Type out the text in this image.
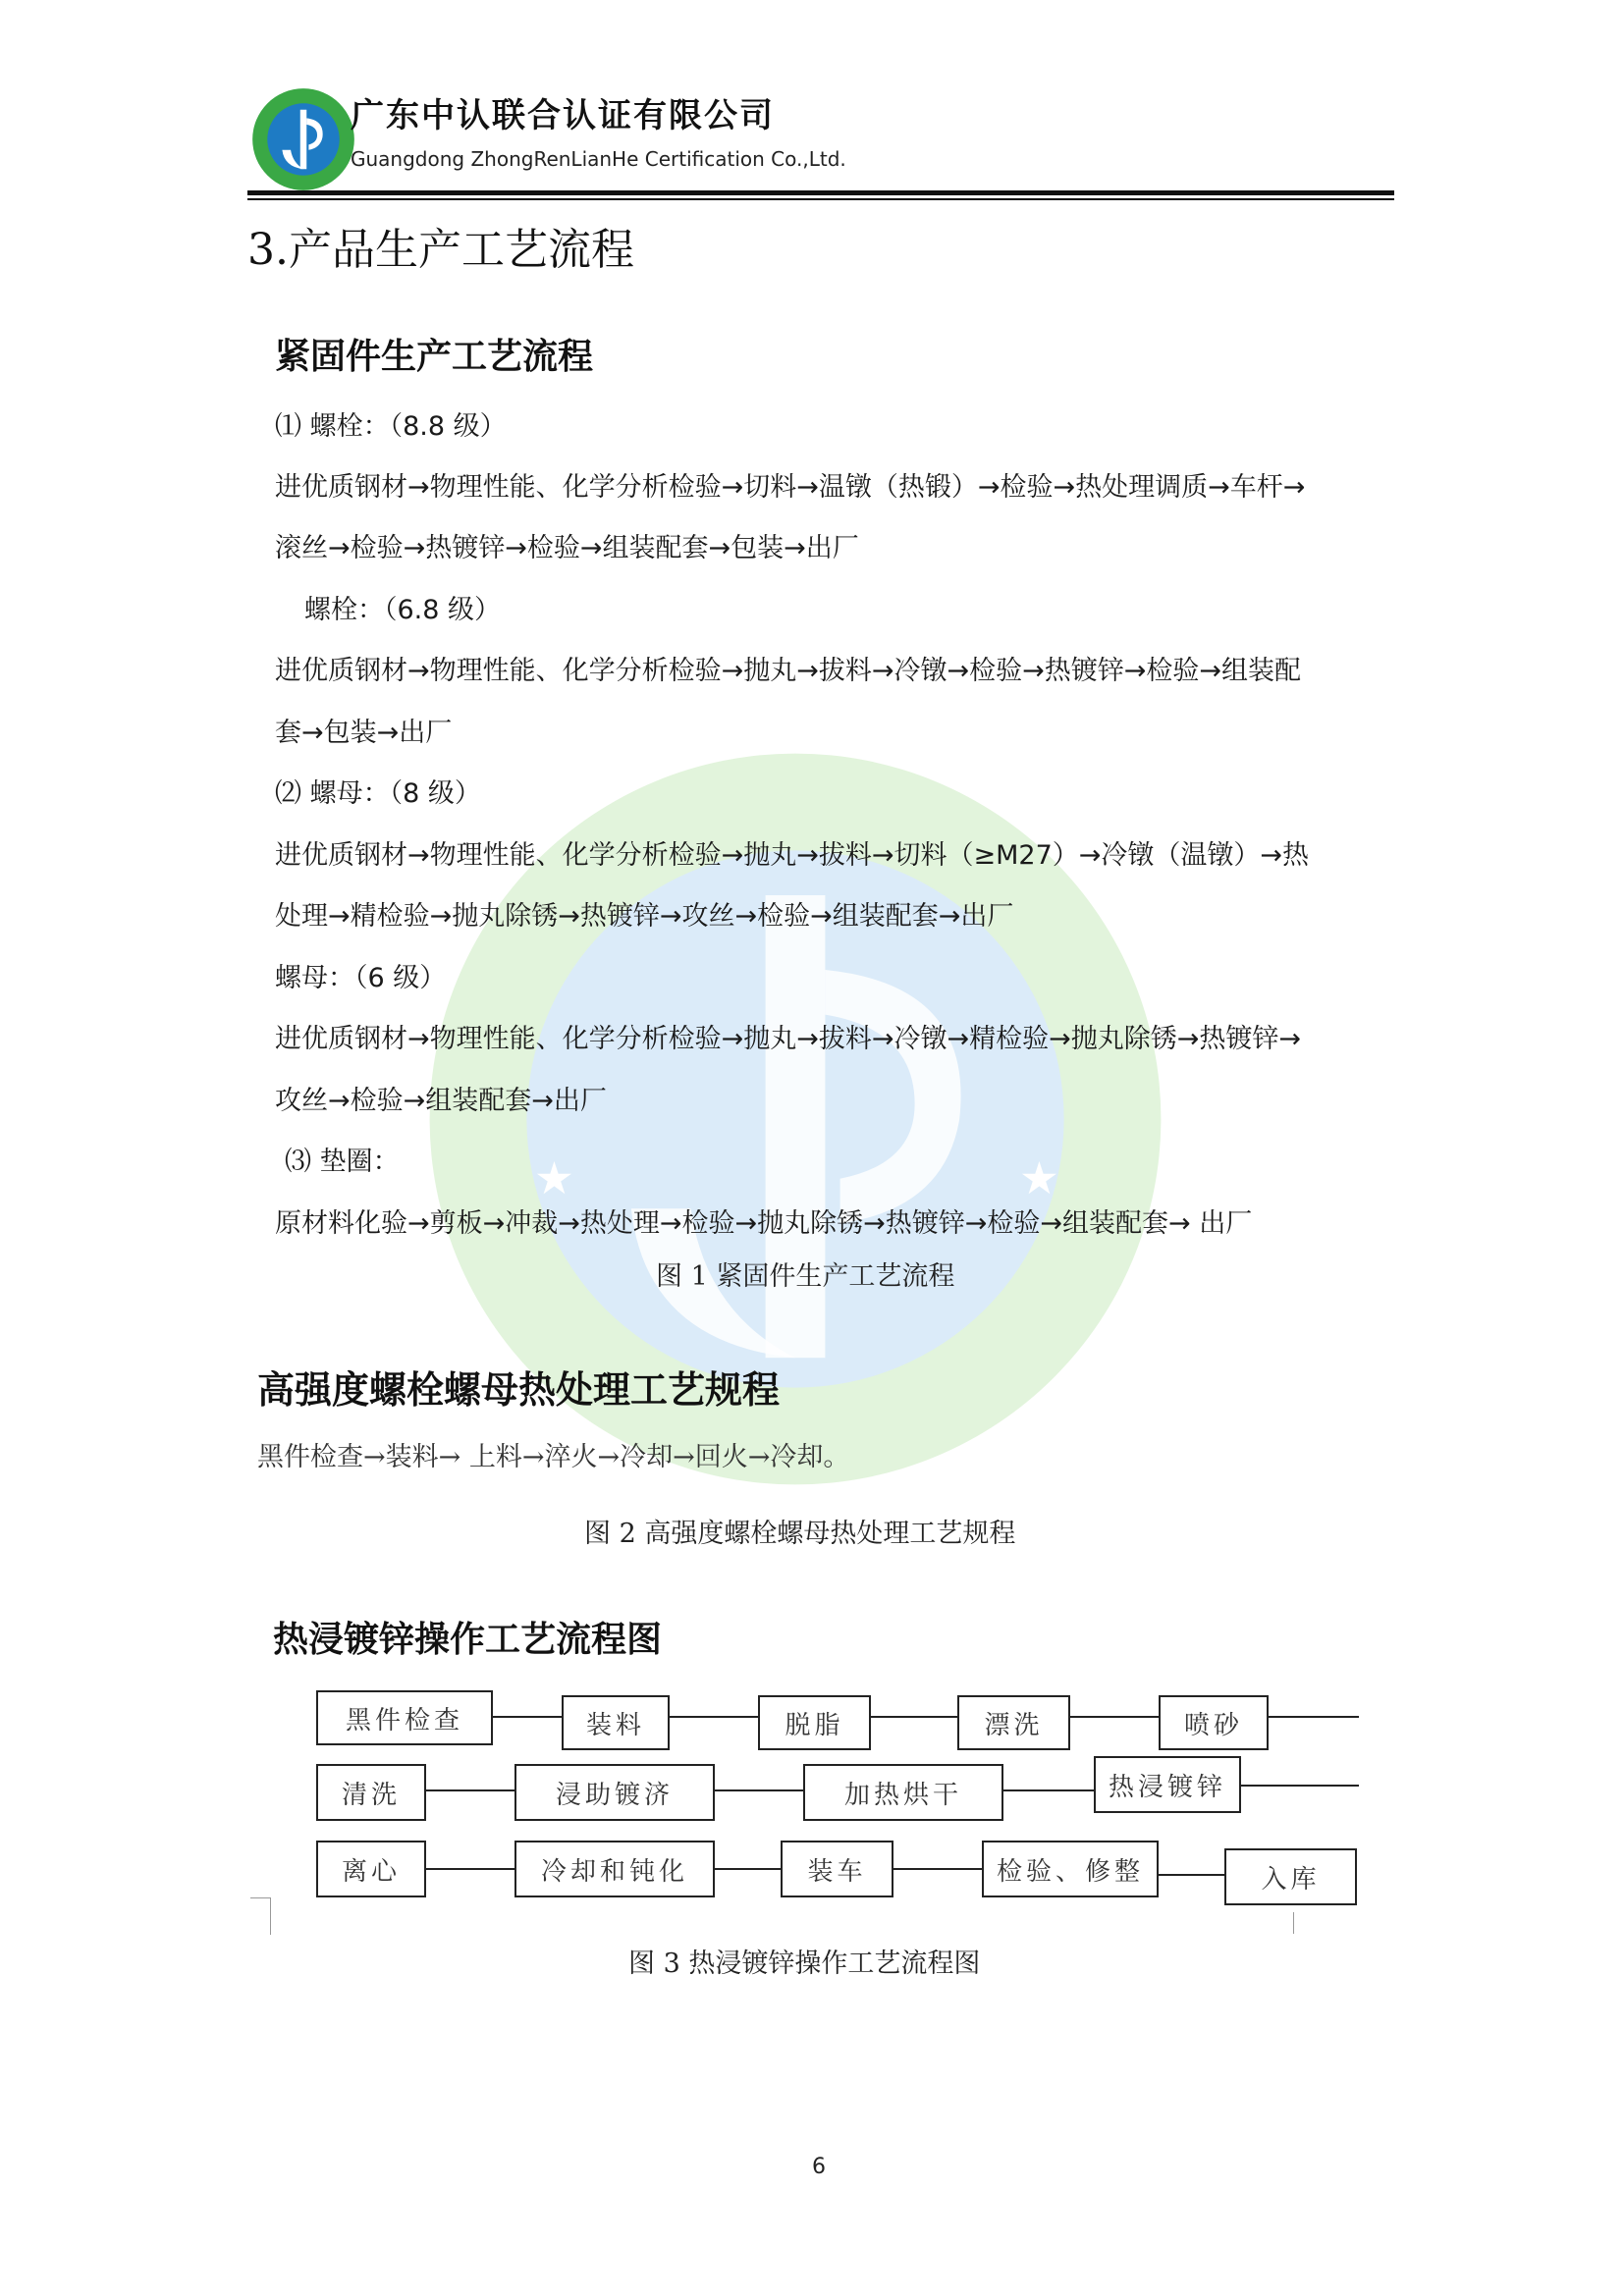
★	★
广东中认联合认证有限公司
Guangdong ZhongRenLianHe Certification Co.,Ltd.
3.产品生产工艺流程
紧固件生产工艺流程
⑴ 螺栓：（8.8 级）
进优质钢材→物理性能、化学分析检验→切料→温镦（热锻）→检验→热处理调质→车杆→
滚丝→检验→热镀锌→检验→组装配套→包装→出厂
螺栓：（6.8 级）
进优质钢材→物理性能、化学分析检验→抛丸→拔料→冷镦→检验→热镀锌→检验→组装配
套→包装→出厂
⑵ 螺母：（8 级）
进优质钢材→物理性能、化学分析检验→抛丸→拔料→切料（≥M27）→冷镦（温镦）→热
处理→精检验→抛丸除锈→热镀锌→攻丝→检验→组装配套→出厂
螺母：（6 级）
进优质钢材→物理性能、化学分析检验→抛丸→拔料→冷镦→精检验→抛丸除锈→热镀锌→
攻丝→检验→组装配套→出厂
⑶ 垫圈：
原材料化验→剪板→冲裁→热处理→检验→抛丸除锈→热镀锌→检验→组装配套→ 出厂
图 1 紧固件生产工艺流程
高强度螺栓螺母热处理工艺规程
黑件检查→装料→ 上料→淬火→冷却→回火→冷却。
图 2 高强度螺栓螺母热处理工艺规程
热浸镀锌操作工艺流程图
黑件检查	装料	脱脂	漂洗	喷砂
清洗	浸助镀济	加热烘干	热浸镀锌
离心	冷却和钝化	装车	检验、修整	入库
图 3 热浸镀锌操作工艺流程图
6
